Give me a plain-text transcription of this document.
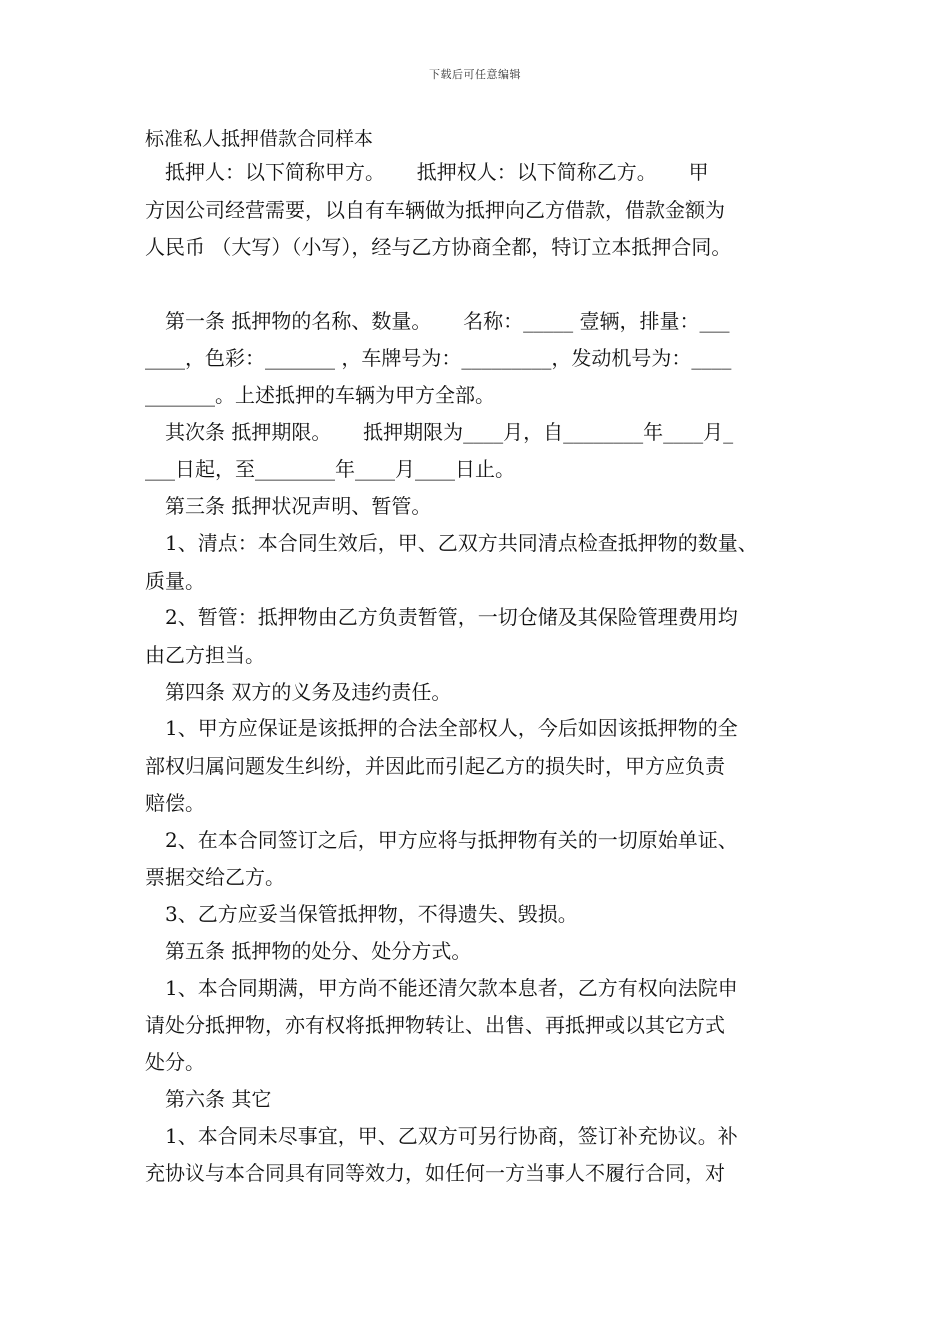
下载后可任意编辑
标准私人抵押借款合同样本
抵押人：以下简称甲方。     抵押权人：以下简称乙方。     甲
方因公司经营需要，以自有车辆做为抵押向乙方借款，借款金额为
人民币 （大写）（小写），经与乙方协商全都，特订立本抵押合同。
第一条 抵押物的名称、数量。     名称：_____ 壹辆，排量：___
____，色彩：_______ ，车牌号为：_________，发动机号为：____
_______。上述抵押的车辆为甲方全部。
其次条 抵押期限。     抵押期限为____月，自________年____月_
___日起，至________年____月____日止。
第三条 抵押状况声明、暂管。
1、清点：本合同生效后，甲、乙双方共同清点检查抵押物的数量、
质量。
2、暂管：抵押物由乙方负责暂管，一切仓储及其保险管理费用均
由乙方担当。
第四条 双方的义务及违约责任。
1、甲方应保证是该抵押的合法全部权人，今后如因该抵押物的全
部权归属问题发生纠纷，并因此而引起乙方的损失时，甲方应负责
赔偿。
2、在本合同签订之后，甲方应将与抵押物有关的一切原始单证、
票据交给乙方。
3、乙方应妥当保管抵押物，不得遗失、毁损。
第五条 抵押物的处分、处分方式。
1、本合同期满，甲方尚不能还清欠款本息者，乙方有权向法院申
请处分抵押物，亦有权将抵押物转让、出售、再抵押或以其它方式
处分。
第六条 其它
1、本合同未尽事宜，甲、乙双方可另行协商，签订补充协议。补
充协议与本合同具有同等效力，如任何一方当事人不履行合同，对
